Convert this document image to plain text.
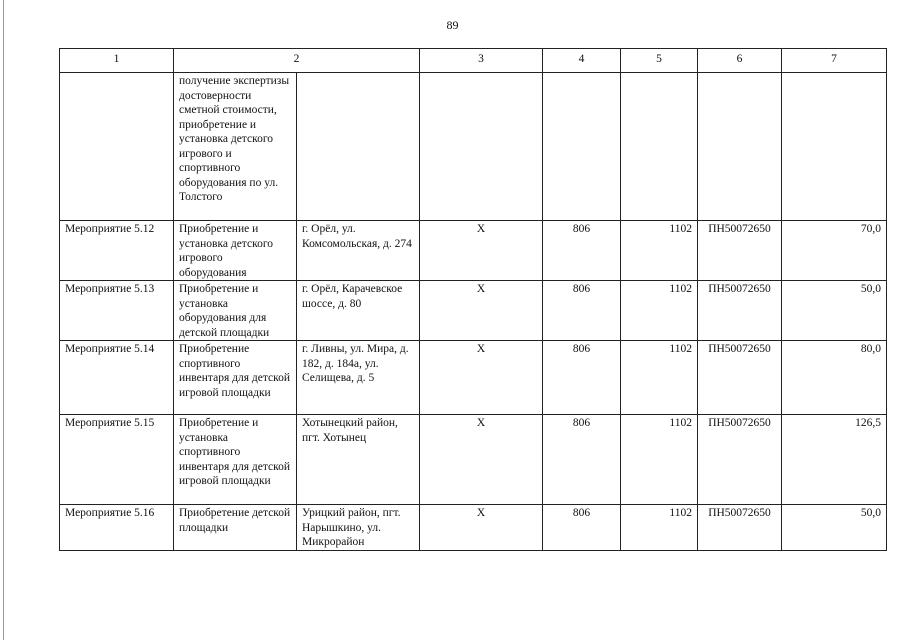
89
1	2		3	4	5	6	7
	получение экспертизы достоверности сметной стоимости, приобретение и установка детского игрового и спортивного оборудования по ул. Толстого						
Мероприятие 5.12	Приобретение и установка детского игрового оборудования	г. Орёл, ул. Комсомольская, д. 274	Х	806	1102	ПН50072650	70,0
Мероприятие 5.13	Приобретение и установка оборудования для детской площадки	г. Орёл, Карачевское шоссе, д. 80	Х	806	1102	ПН50072650	50,0
Мероприятие 5.14	Приобретение спортивного инвентаря для детской игровой площадки	г. Ливны, ул. Мира, д. 182, д. 184а, ул. Селищева, д. 5	Х	806	1102	ПН50072650	80,0
Мероприятие 5.15	Приобретение и установка спортивного инвентаря для детской игровой площадки	Хотынецкий район, пгт. Хотынец	Х	806	1102	ПН50072650	126,5
Мероприятие 5.16	Приобретение детской площадки	Урицкий район, пгт. Нарышкино, ул. Микрорайон	Х	806	1102	ПН50072650	50,0
